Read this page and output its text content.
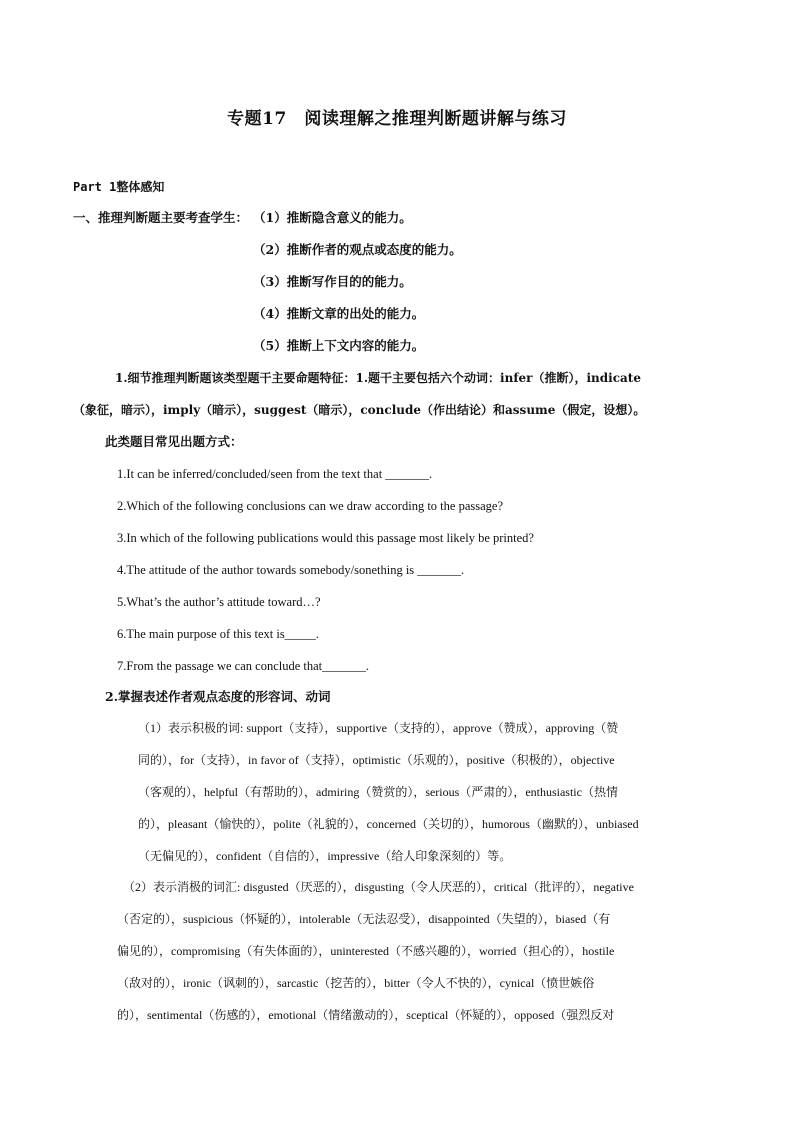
专题17　阅读理解之推理判断题讲解与练习
Part 1整体感知
一、推理判断题主要考查学生： （1）推断隐含意义的能力。
（2）推断作者的观点或态度的能力。
（3）推断写作目的的能力。
（4）推断文章的出处的能力。
（5）推断上下文内容的能力。
1.细节推理判断题该类型题干主要命题特征：1.题干主要包括六个动词：infer（推断），indicate
（象征，暗示），imply（暗示），suggest（暗示），conclude（作出结论）和assume（假定，设想）。
此类题目常见出题方式：
1.It can be inferred/concluded/seen from the text that _______.
2.Which of the following conclusions can we draw according to the passage?
3.In which of the following publications would this passage most likely be printed?
4.The attitude of the author towards somebody/sonething is _______.
5.What’s the author’s attitude toward…?
6.The main purpose of this text is_____.
7.From the passage we can conclude that_______.
2.掌握表述作者观点态度的形容词、动词
（1）表示积极的词: support（支持），supportive（支持的），approve（赞成），approving（赞
同的），for（支持），in favor of（支持），optimistic（乐观的），positive（积极的），objective
（客观的），helpful（有帮助的），admiring（赞赏的），serious（严肃的），enthusiastic（热情
的），pleasant（愉快的），polite（礼貌的），concerned（关切的），humorous（幽默的），unbiased
（无偏见的），confident（自信的），impressive（给人印象深刻的）等。
（2）表示消极的词汇: disgusted（厌恶的），disgusting（令人厌恶的），critical（批评的），negative
（否定的），suspicious（怀疑的），intolerable（无法忍受），disappointed（失望的），biased（有
偏见的），compromising（有失体面的），uninterested（不感兴趣的），worried（担心的），hostile
（敌对的），ironic（讽刺的），sarcastic（挖苦的），bitter（令人不快的），cynical（愤世嫉俗
的），sentimental（伤感的），emotional（情绪激动的），sceptical（怀疑的），opposed（强烈反对
